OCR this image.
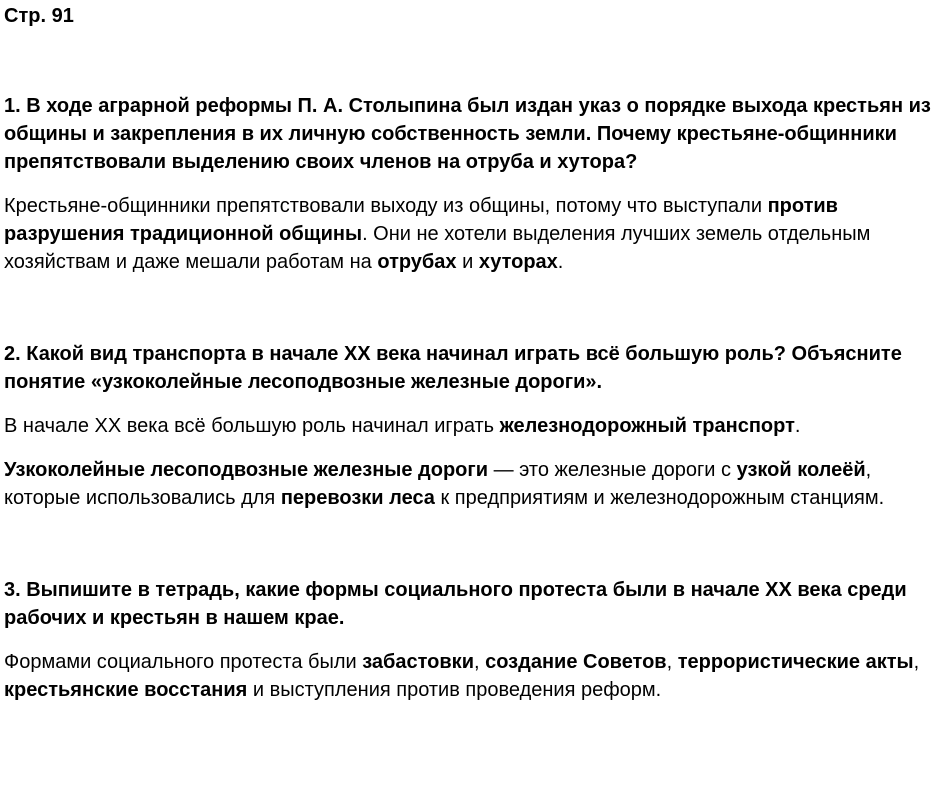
Стр. 91

1. В ходе аграрной реформы П. А. Столыпина был издан указ о порядке выхода крестьян из общины и закрепления в их личную собственность земли. Почему крестьяне-общинники препятствовали выделению своих членов на отруба и хутора?

Крестьяне-общинники препятствовали выходу из общины, потому что выступали против разрушения традиционной общины. Они не хотели выделения лучших земель отдельным хозяйствам и даже мешали работам на отрубах и хуторах.

2. Какой вид транспорта в начале XX века начинал играть всё большую роль? Объясните понятие «узкоколейные лесоподвозные железные дороги».

В начале XX века всё большую роль начинал играть железнодорожный транспорт.

Узкоколейные лесоподвозные железные дороги — это железные дороги с узкой колеёй, которые использовались для перевозки леса к предприятиям и железнодорожным станциям.

3. Выпишите в тетрадь, какие формы социального протеста были в начале XX века среди рабочих и крестьян в нашем крае.

Формами социального протеста были забастовки, создание Советов, террористические акты, крестьянские восстания и выступления против проведения реформ.
